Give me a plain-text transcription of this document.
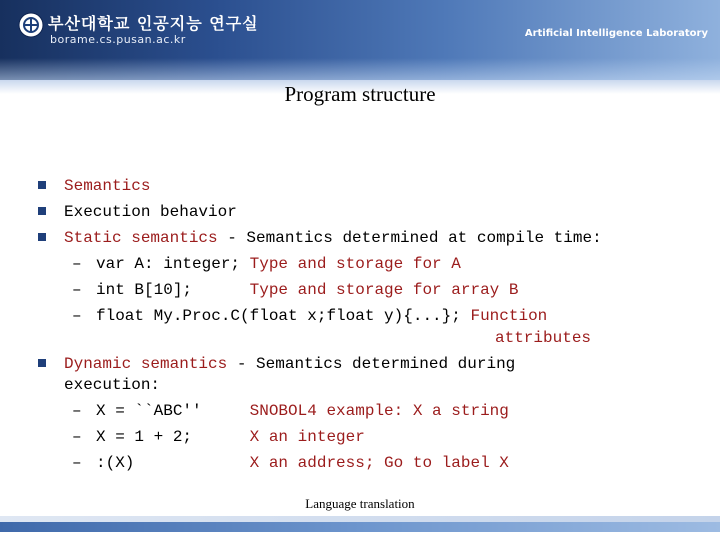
부산대학교 인공지능 연구실
borame.cs.pusan.ac.kr	Artificial Intelligence Laboratory
Program structure
Semantics
Execution behavior
Static semantics - Semantics determined at compile time:
– var A: integer; Type and storage for A
– int B[10];      Type and storage for array B
– float My.Proc.C(float x;float y){...}; Function
attributes
Dynamic semantics - Semantics determined during
execution:
– X = ``ABC''     SNOBOL4 example: X a string
– X = 1 + 2;      X an integer
– :(X)            X an address; Go to label X
Language translation
